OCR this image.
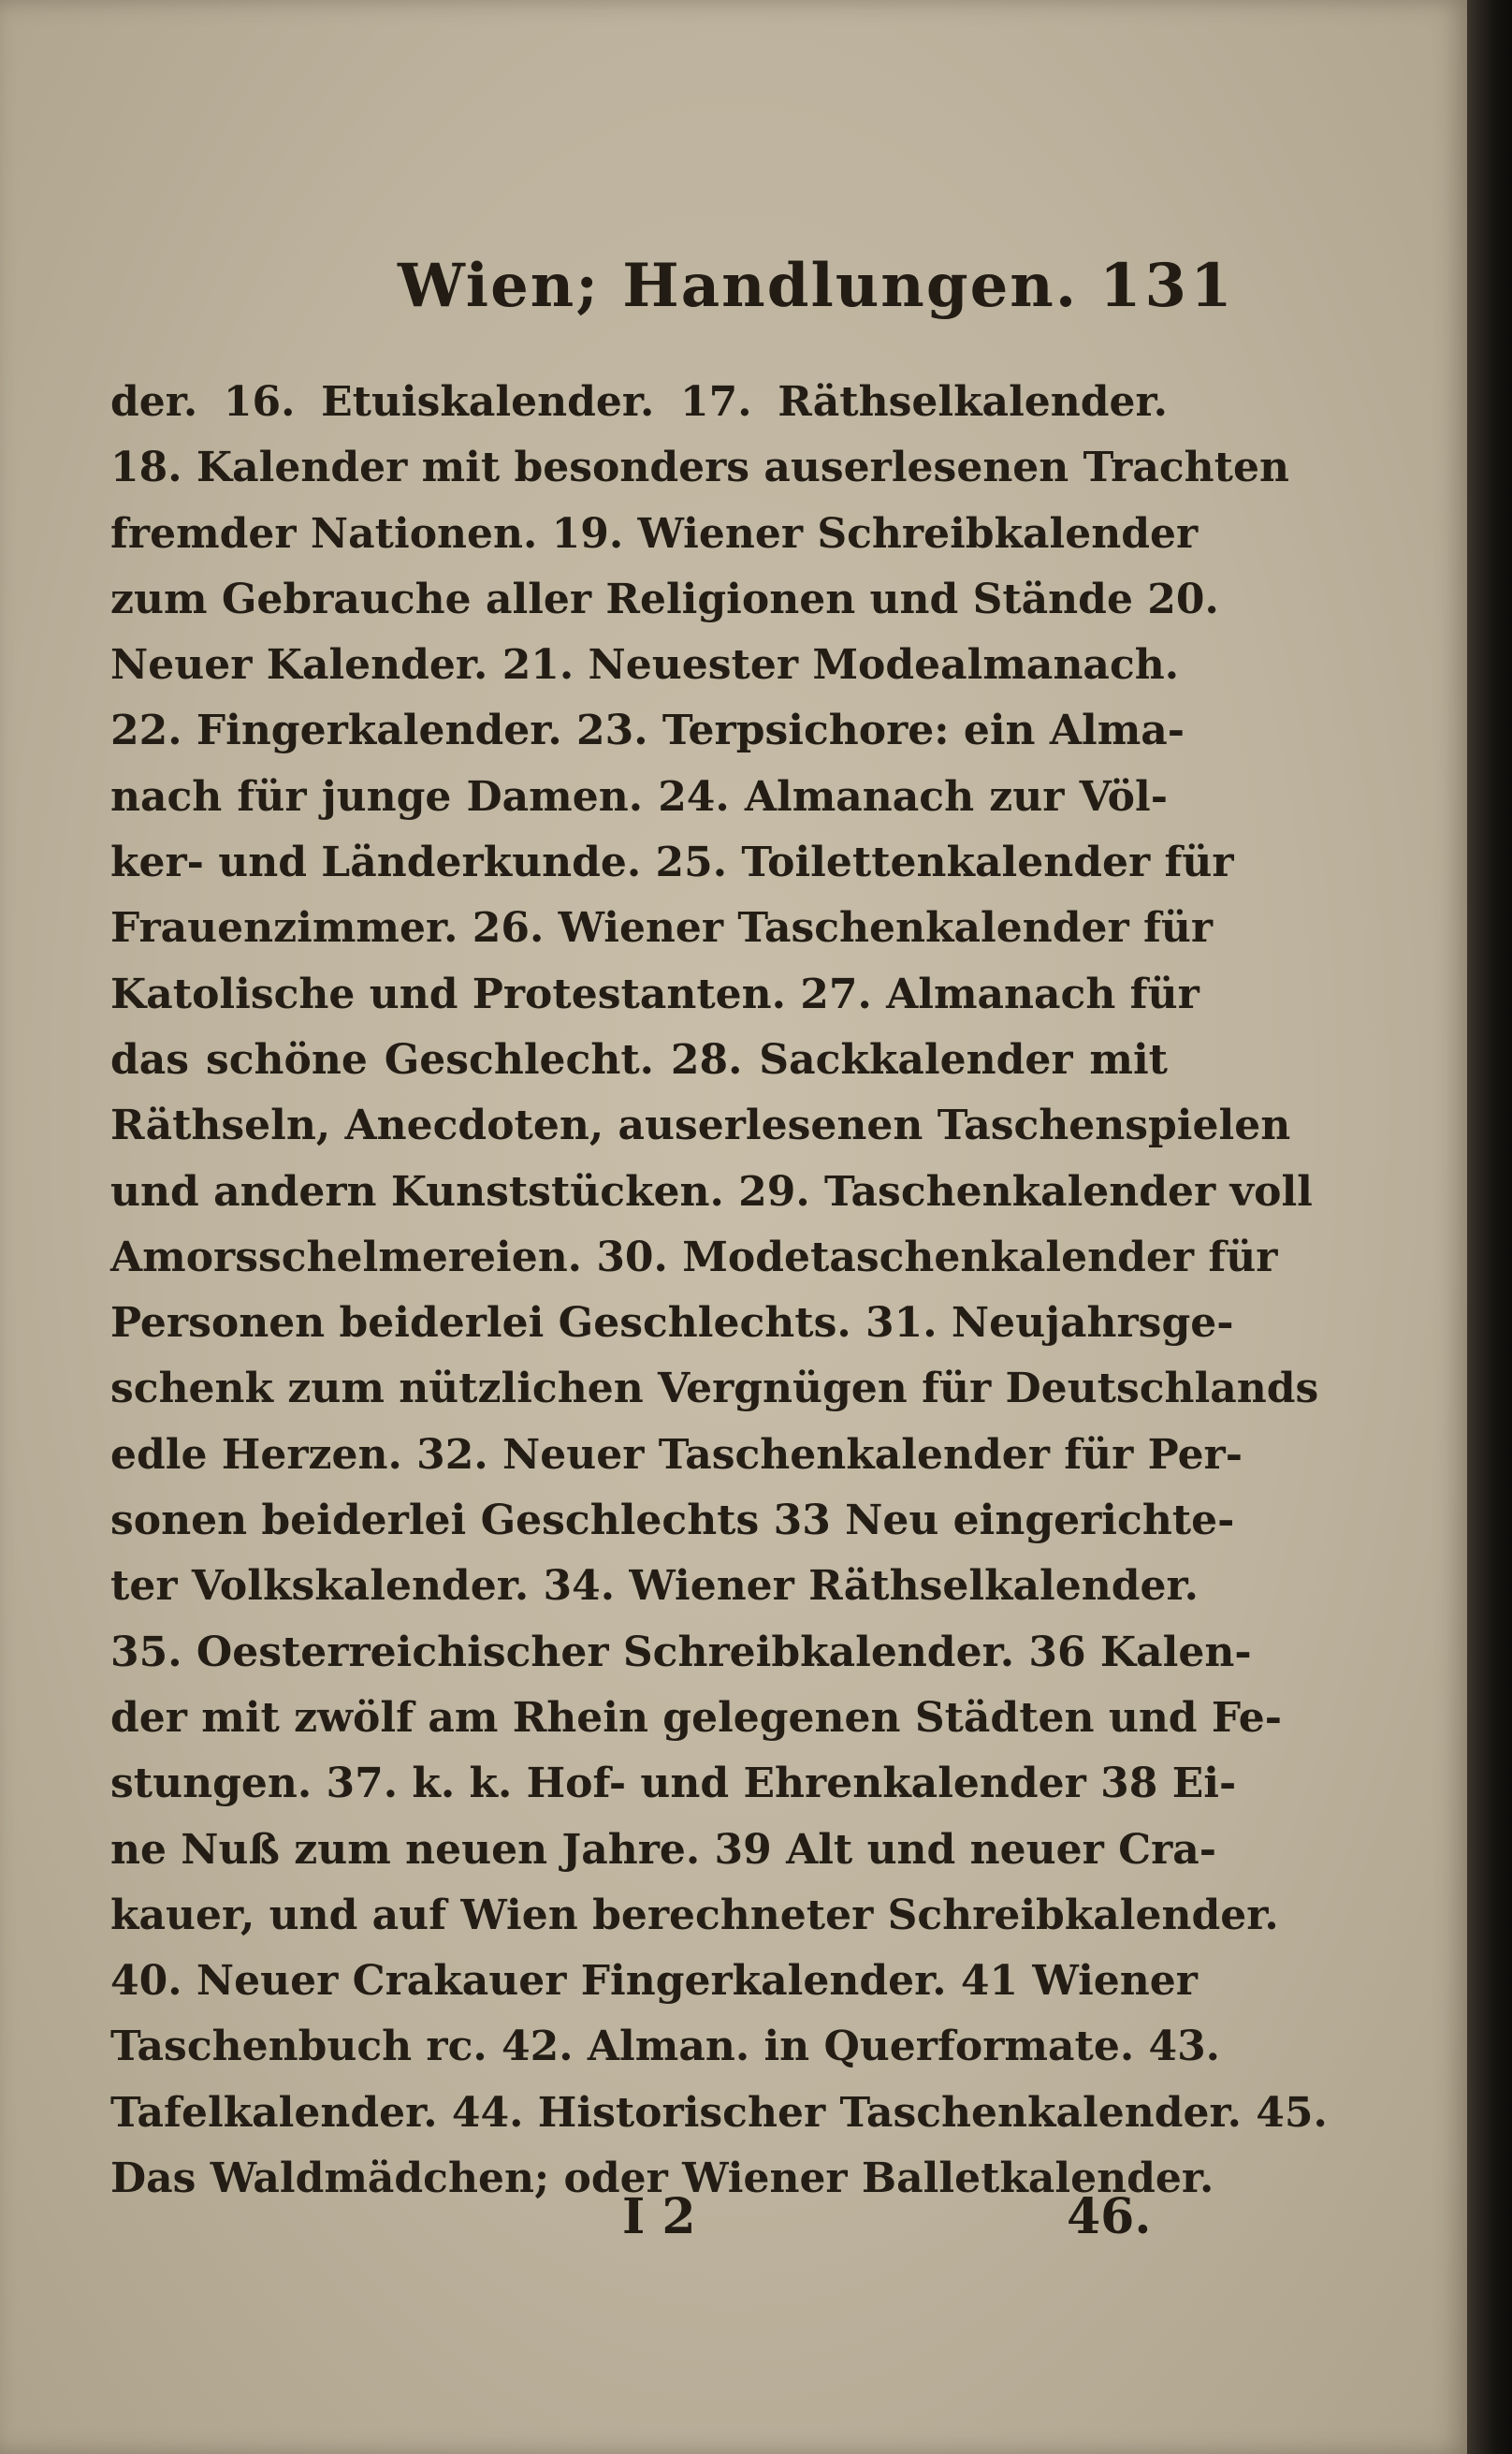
Wien; Handlungen. 131
der. 16. Etuiskalender. 17. Räthselkalender.
18. Kalender mit besonders auserlesenen Trachten
fremder Nationen. 19. Wiener Schreibkalender
zum Gebrauche aller Religionen und Stände 20.
Neuer Kalender. 21. Neuester Modealmanach.
22. Fingerkalender. 23. Terpsichore: ein Alma-
nach für junge Damen. 24. Almanach zur Völ-
ker- und Länderkunde. 25. Toilettenkalender für
Frauenzimmer. 26. Wiener Taschenkalender für
Katolische und Protestanten. 27. Almanach für
das schöne Geschlecht. 28. Sackkalender mit
Räthseln, Anecdoten, auserlesenen Taschenspielen
und andern Kunststücken. 29. Taschenkalender voll
Amorsschelmereien. 30. Modetaschenkalender für
Personen beiderlei Geschlechts. 31. Neujahrsge-
schenk zum nützlichen Vergnügen für Deutschlands
edle Herzen. 32. Neuer Taschenkalender für Per-
sonen beiderlei Geschlechts 33 Neu eingerichte-
ter Volkskalender. 34. Wiener Räthselkalender.
35. Oesterreichischer Schreibkalender. 36 Kalen-
der mit zwölf am Rhein gelegenen Städten und Fe-
stungen. 37. k. k. Hof- und Ehrenkalender 38 Ei-
ne Nuß zum neuen Jahre. 39 Alt und neuer Cra-
kauer, und auf Wien berechneter Schreibkalender.
40. Neuer Crakauer Fingerkalender. 41 Wiener
Taschenbuch rc. 42. Alman. in Querformate. 43.
Tafelkalender. 44. Historischer Taschenkalender. 45.
Das Waldmädchen; oder Wiener Balletkalender.
I 2	46.
